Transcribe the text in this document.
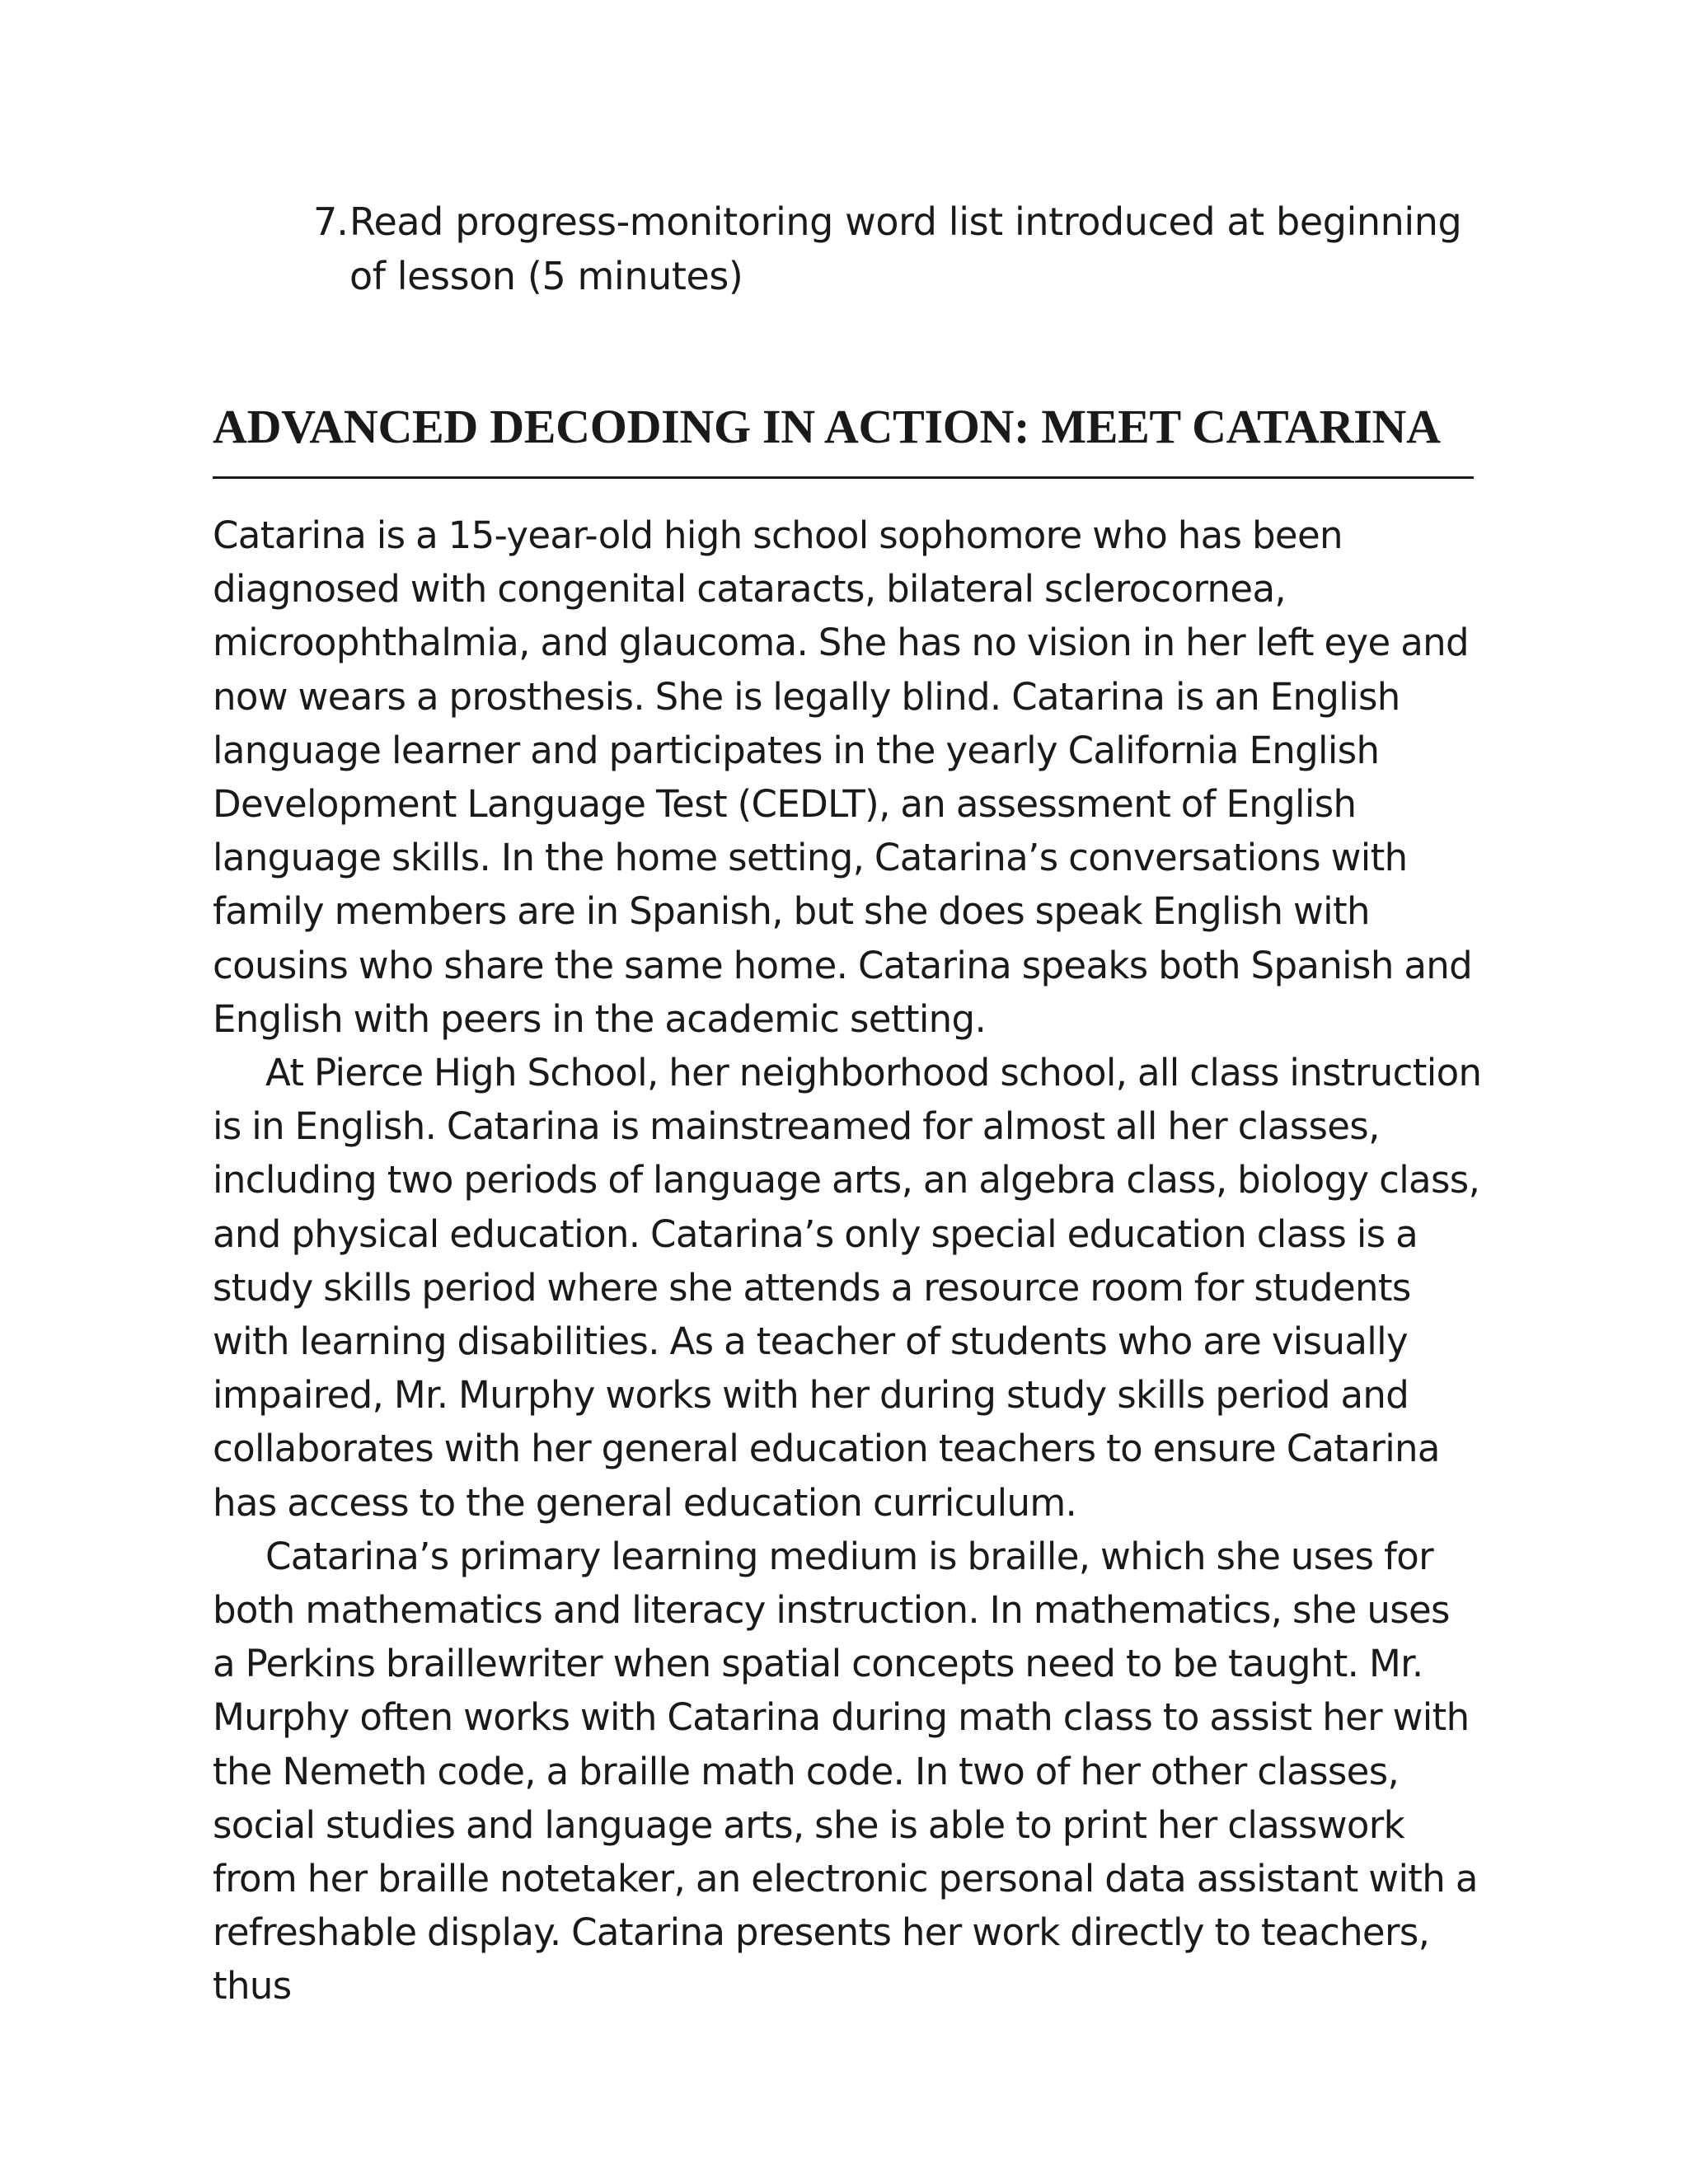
7. Read progress-monitoring word list introduced at beginning of lesson (5 minutes)
ADVANCED DECODING IN ACTION: MEET CATARINA

Catarina is a 15-year-old high school sophomore who has been diagnosed with congenital cataracts, bilateral sclerocornea, microophthalmia, and glaucoma. She has no vision in her left eye and now wears a prosthesis. She is legally blind. Catarina is an English language learner and participates in the yearly California English Development Language Test (CEDLT), an assessment of English language skills. In the home setting, Catarina’s conversations with family members are in Spanish, but she does speak English with cousins who share the same home. Catarina speaks both Spanish and English with peers in the academic setting.

At Pierce High School, her neighborhood school, all class instruction is in English. Catarina is mainstreamed for almost all her classes, including two periods of language arts, an algebra class, biology class, and physical education. Catarina’s only special education class is a study skills period where she attends a resource room for students with learning disabilities. As a teacher of students who are visually impaired, Mr. Murphy works with her during study skills period and collaborates with her general education teachers to ensure Catarina has access to the general education curriculum.

Catarina’s primary learning medium is braille, which she uses for both mathematics and literacy instruction. In mathematics, she uses a Perkins braillewriter when spatial concepts need to be taught. Mr. Murphy often works with Catarina during math class to assist her with the Nemeth code, a braille math code. In two of her other classes, social studies and language arts, she is able to print her classwork from her braille notetaker, an electronic personal data assistant with a refreshable display. Catarina presents her work directly to teachers, thus
